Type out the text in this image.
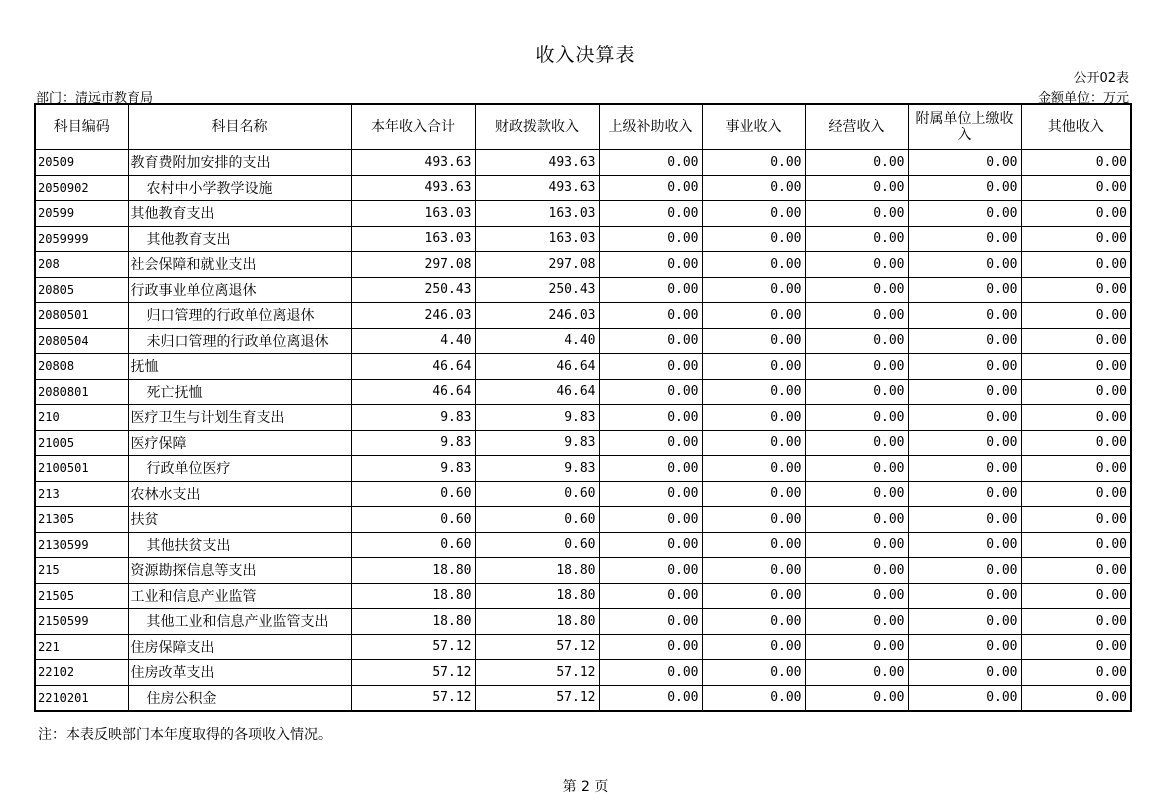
收入决算表
公开02表
部门：清远市教育局	金额单位：万元
科目编码	科目名称	本年收入合计	财政拨款收入	上级补助收入	事业收入	经营收入	附属单位上缴收入	其他收入
20509	教育费附加安排的支出	493.63	493.63	0.00	0.00	0.00	0.00	0.00
2050902	农村中小学教学设施	493.63	493.63	0.00	0.00	0.00	0.00	0.00
20599	其他教育支出	163.03	163.03	0.00	0.00	0.00	0.00	0.00
2059999	其他教育支出	163.03	163.03	0.00	0.00	0.00	0.00	0.00
208	社会保障和就业支出	297.08	297.08	0.00	0.00	0.00	0.00	0.00
20805	行政事业单位离退休	250.43	250.43	0.00	0.00	0.00	0.00	0.00
2080501	归口管理的行政单位离退休	246.03	246.03	0.00	0.00	0.00	0.00	0.00
2080504	未归口管理的行政单位离退休	4.40	4.40	0.00	0.00	0.00	0.00	0.00
20808	抚恤	46.64	46.64	0.00	0.00	0.00	0.00	0.00
2080801	死亡抚恤	46.64	46.64	0.00	0.00	0.00	0.00	0.00
210	医疗卫生与计划生育支出	9.83	9.83	0.00	0.00	0.00	0.00	0.00
21005	医疗保障	9.83	9.83	0.00	0.00	0.00	0.00	0.00
2100501	行政单位医疗	9.83	9.83	0.00	0.00	0.00	0.00	0.00
213	农林水支出	0.60	0.60	0.00	0.00	0.00	0.00	0.00
21305	扶贫	0.60	0.60	0.00	0.00	0.00	0.00	0.00
2130599	其他扶贫支出	0.60	0.60	0.00	0.00	0.00	0.00	0.00
215	资源勘探信息等支出	18.80	18.80	0.00	0.00	0.00	0.00	0.00
21505	工业和信息产业监管	18.80	18.80	0.00	0.00	0.00	0.00	0.00
2150599	其他工业和信息产业监管支出	18.80	18.80	0.00	0.00	0.00	0.00	0.00
221	住房保障支出	57.12	57.12	0.00	0.00	0.00	0.00	0.00
22102	住房改革支出	57.12	57.12	0.00	0.00	0.00	0.00	0.00
2210201	住房公积金	57.12	57.12	0.00	0.00	0.00	0.00	0.00
注：本表反映部门本年度取得的各项收入情况。
第 2 页
